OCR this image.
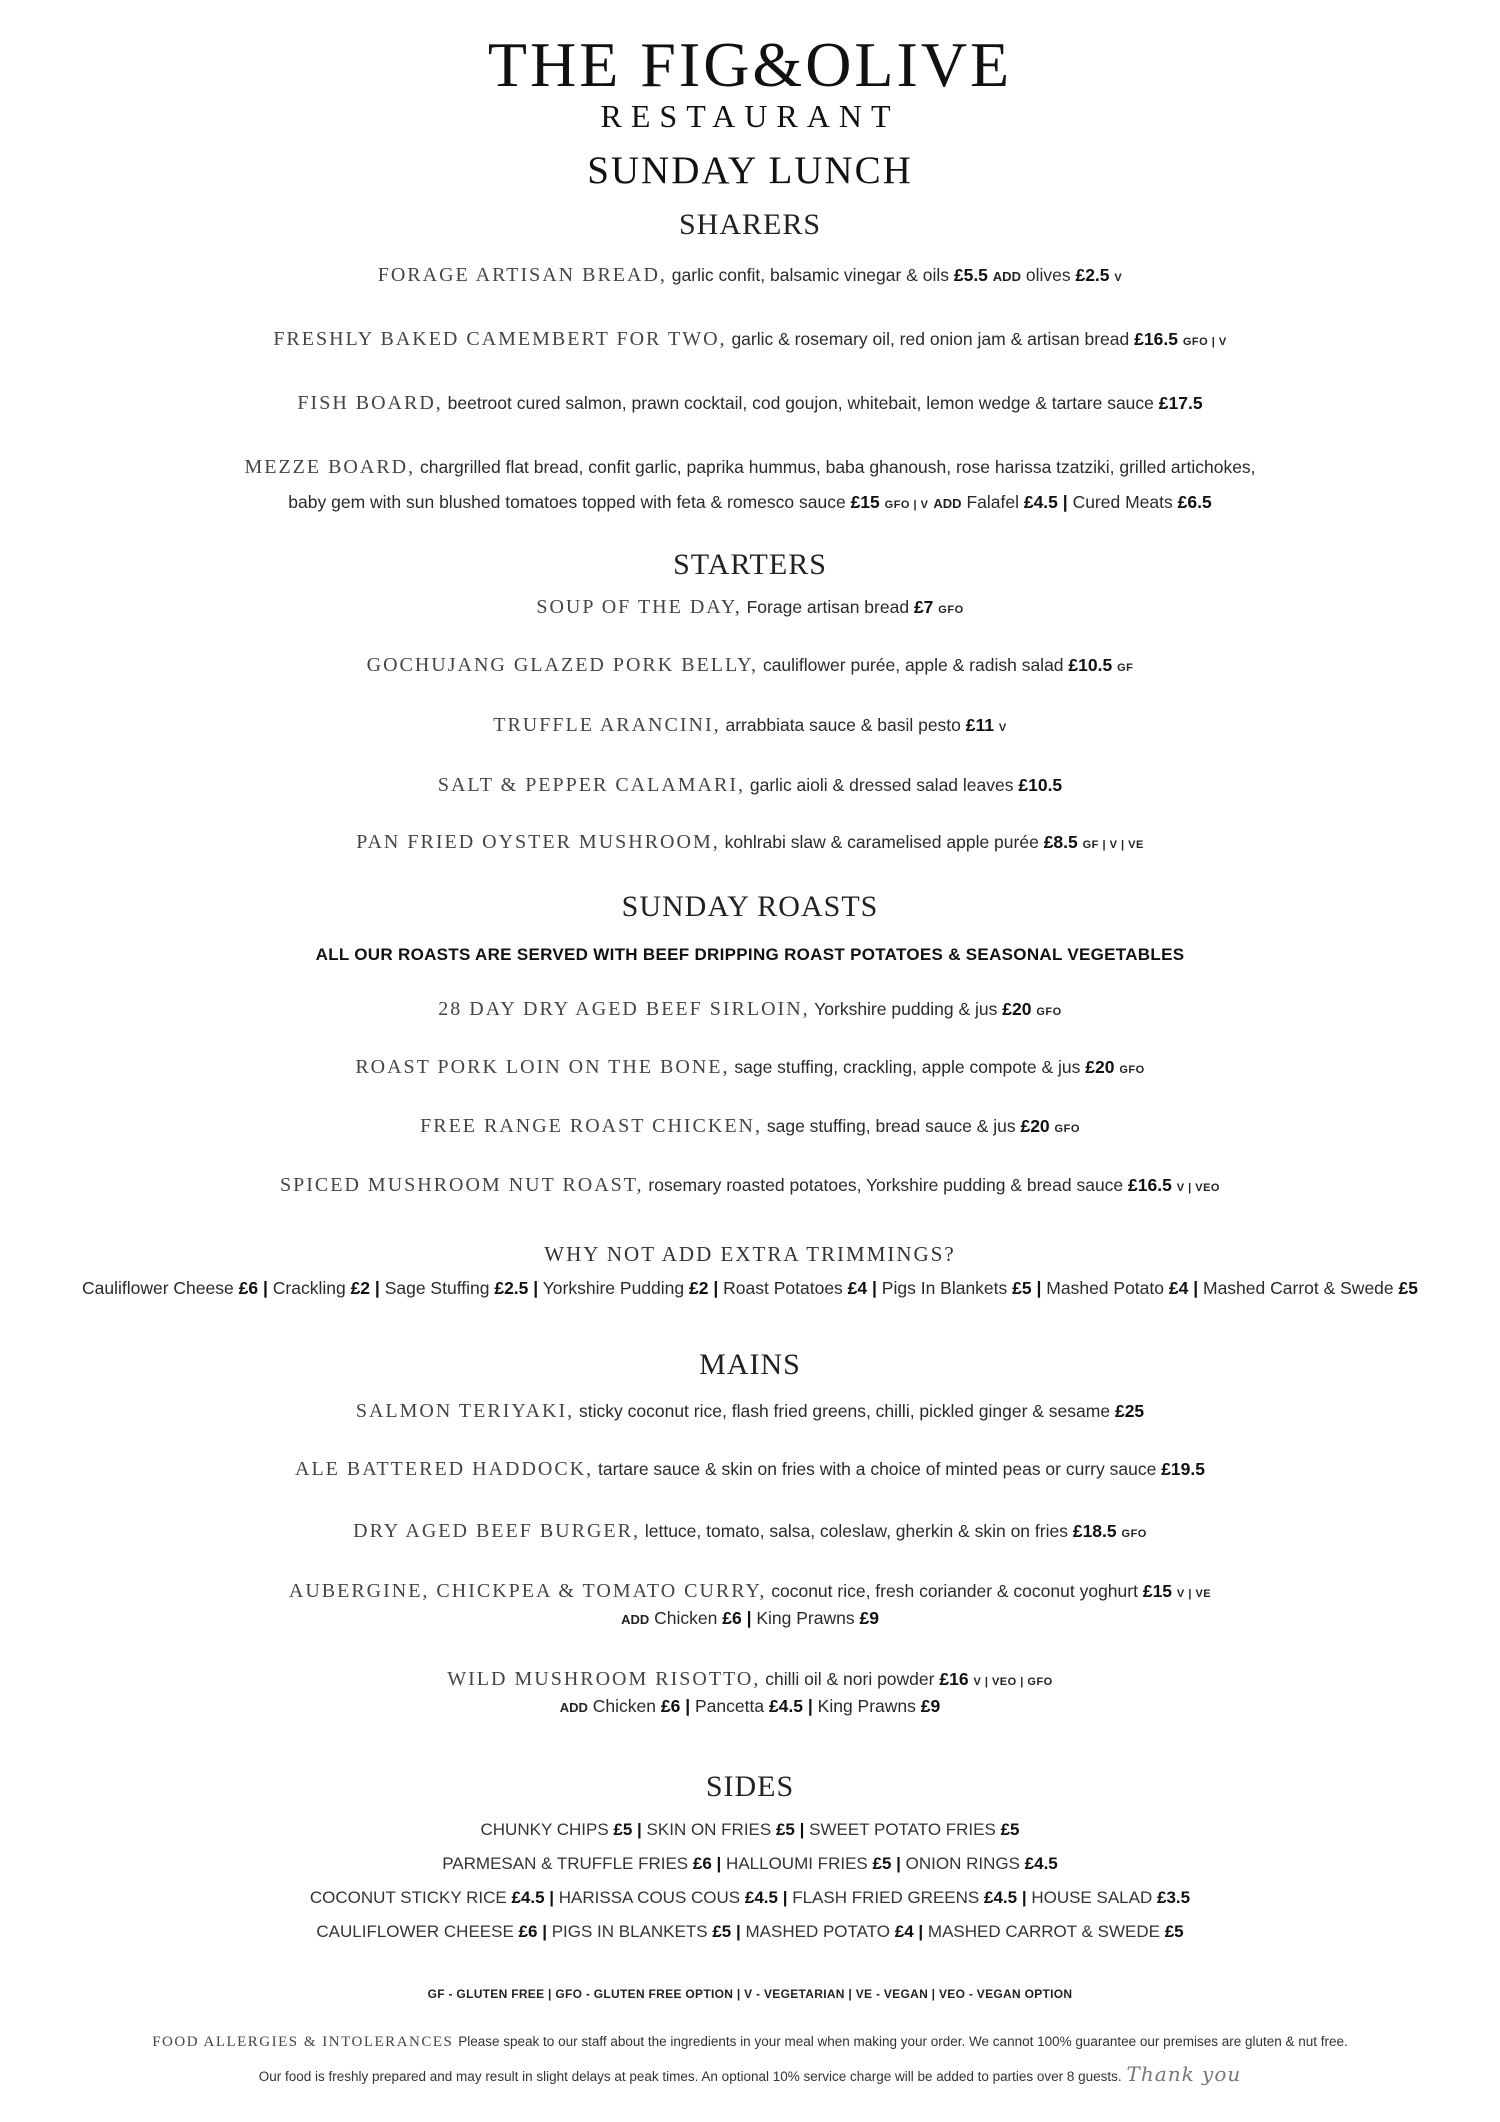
THE FIG&OLIVE
RESTAURANT
SUNDAY LUNCH
SHARERS
FORAGE ARTISAN BREAD, garlic confit, balsamic vinegar & oils £5.5 ADD olives £2.5 V
FRESHLY BAKED CAMEMBERT FOR TWO, garlic & rosemary oil, red onion jam & artisan bread £16.5 GFO | V
FISH BOARD, beetroot cured salmon, prawn cocktail, cod goujon, whitebait, lemon wedge & tartare sauce £17.5
MEZZE BOARD, chargrilled flat bread, confit garlic, paprika hummus, baba ghanoush, rose harissa tzatziki, grilled artichokes,
baby gem with sun blushed tomatoes topped with feta & romesco sauce £15 GFO | V ADD Falafel £4.5 | Cured Meats £6.5
STARTERS
SOUP OF THE DAY, Forage artisan bread £7 GFO
GOCHUJANG GLAZED PORK BELLY, cauliflower purée, apple & radish salad £10.5 GF
TRUFFLE ARANCINI, arrabbiata sauce & basil pesto £11 V
SALT & PEPPER CALAMARI, garlic aioli & dressed salad leaves £10.5
PAN FRIED OYSTER MUSHROOM, kohlrabi slaw & caramelised apple purée £8.5 GF | V | VE
SUNDAY ROASTS
ALL OUR ROASTS ARE SERVED WITH BEEF DRIPPING ROAST POTATOES & SEASONAL VEGETABLES
28 DAY DRY AGED BEEF SIRLOIN, Yorkshire pudding & jus £20 GFO
ROAST PORK LOIN ON THE BONE, sage stuffing, crackling, apple compote & jus £20 GFO
FREE RANGE ROAST CHICKEN, sage stuffing, bread sauce & jus £20 GFO
SPICED MUSHROOM NUT ROAST, rosemary roasted potatoes, Yorkshire pudding & bread sauce £16.5 V | VEO
WHY NOT ADD EXTRA TRIMMINGS?
Cauliflower Cheese £6 | Crackling £2 | Sage Stuffing £2.5 | Yorkshire Pudding £2 | Roast Potatoes £4 | Pigs In Blankets £5 | Mashed Potato £4 | Mashed Carrot & Swede £5
MAINS
SALMON TERIYAKI, sticky coconut rice, flash fried greens, chilli, pickled ginger & sesame £25
ALE BATTERED HADDOCK, tartare sauce & skin on fries with a choice of minted peas or curry sauce £19.5
DRY AGED BEEF BURGER, lettuce, tomato, salsa, coleslaw, gherkin & skin on fries £18.5 GFO
AUBERGINE, CHICKPEA & TOMATO CURRY, coconut rice, fresh coriander & coconut yoghurt £15 V | VE
ADD Chicken £6 | King Prawns £9
WILD MUSHROOM RISOTTO, chilli oil & nori powder £16 V | VEO | GFO
ADD Chicken £6 | Pancetta £4.5 | King Prawns £9
SIDES
CHUNKY CHIPS £5 | SKIN ON FRIES £5 | SWEET POTATO FRIES £5
PARMESAN & TRUFFLE FRIES £6 | HALLOUMI FRIES £5 | ONION RINGS £4.5
COCONUT STICKY RICE £4.5 | HARISSA COUS COUS £4.5 | FLASH FRIED GREENS £4.5 | HOUSE SALAD £3.5
CAULIFLOWER CHEESE £6 | PIGS IN BLANKETS £5 | MASHED POTATO £4 | MASHED CARROT & SWEDE £5
GF - GLUTEN FREE | GFO - GLUTEN FREE OPTION | V - VEGETARIAN | VE - VEGAN | VEO - VEGAN OPTION
FOOD ALLERGIES & INTOLERANCES Please speak to our staff about the ingredients in your meal when making your order. We cannot 100% guarantee our premises are gluten & nut free.
Our food is freshly prepared and may result in slight delays at peak times. An optional 10% service charge will be added to parties over 8 guests. Thank you
